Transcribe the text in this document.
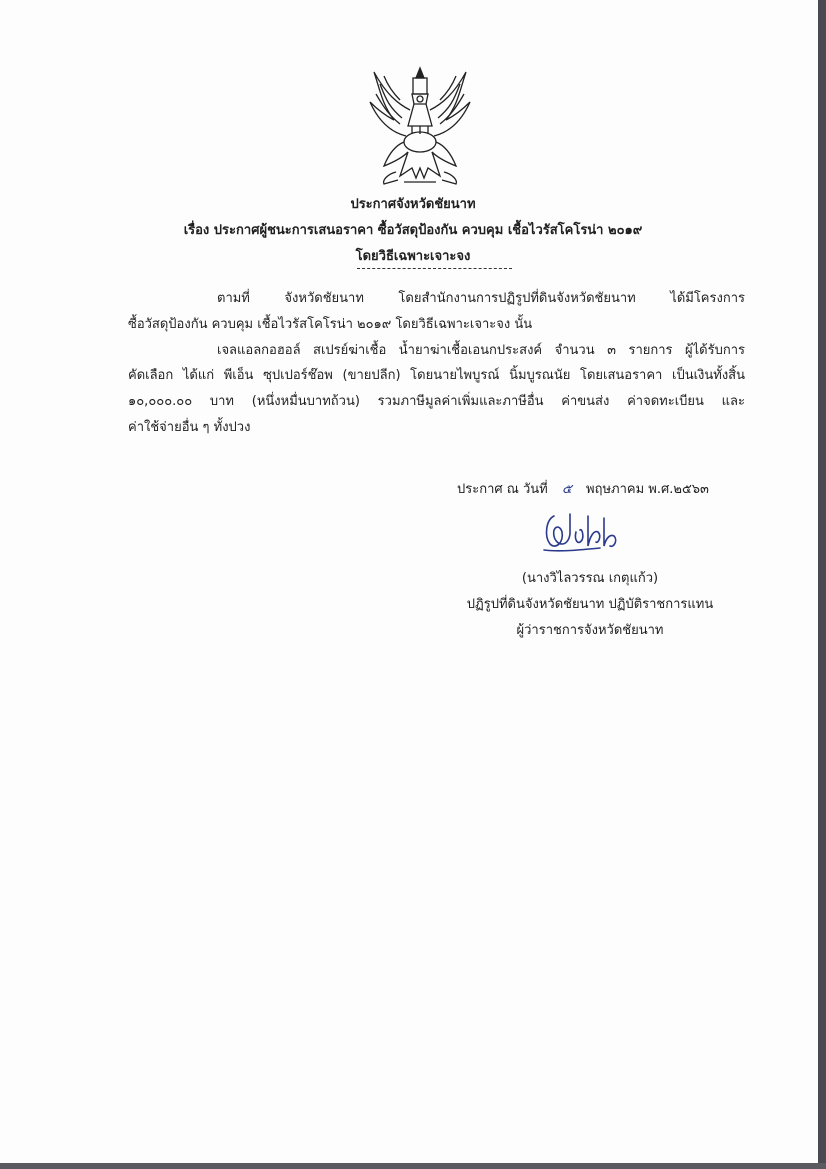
ประกาศจังหวัดชัยนาท
เรื่อง ประกาศผู้ชนะการเสนอราคา ซื้อวัสดุป้องกัน ควบคุม เชื้อไวรัสโคโรน่า ๒๐๑๙
โดยวิธีเฉพาะเจาะจง
ตามที่ จังหวัดชัยนาท โดยสำนักงานการปฏิรูปที่ดินจังหวัดชัยนาท ได้มีโครงการ
ซื้อวัสดุป้องกัน ควบคุม เชื้อไวรัสโคโรน่า ๒๐๑๙ โดยวิธีเฉพาะเจาะจง นั้น
เจลแอลกอฮอล์ สเปรย์ฆ่าเชื้อ น้ำยาฆ่าเชื้อเอนกประสงค์ จำนวน ๓ รายการ ผู้ได้รับการ
คัดเลือก ได้แก่ พีเอ็น ซุปเปอร์ช๊อพ (ขายปลีก) โดยนายไพบูรณ์ นิ้มบูรณนัย โดยเสนอราคา เป็นเงินทั้งสิ้น
๑๐,๐๐๐.๐๐ บาท (หนึ่งหมื่นบาทถ้วน) รวมภาษีมูลค่าเพิ่มและภาษีอื่น ค่าขนส่ง ค่าจดทะเบียน และ
ค่าใช้จ่ายอื่น ๆ ทั้งปวง
ประกาศ ณ วันที่ ๕ พฤษภาคม พ.ศ.๒๕๖๓
(นางวิไลวรรณ เกตุแก้ว)
ปฏิรูปที่ดินจังหวัดชัยนาท ปฏิบัติราชการแทน
ผู้ว่าราชการจังหวัดชัยนาท
